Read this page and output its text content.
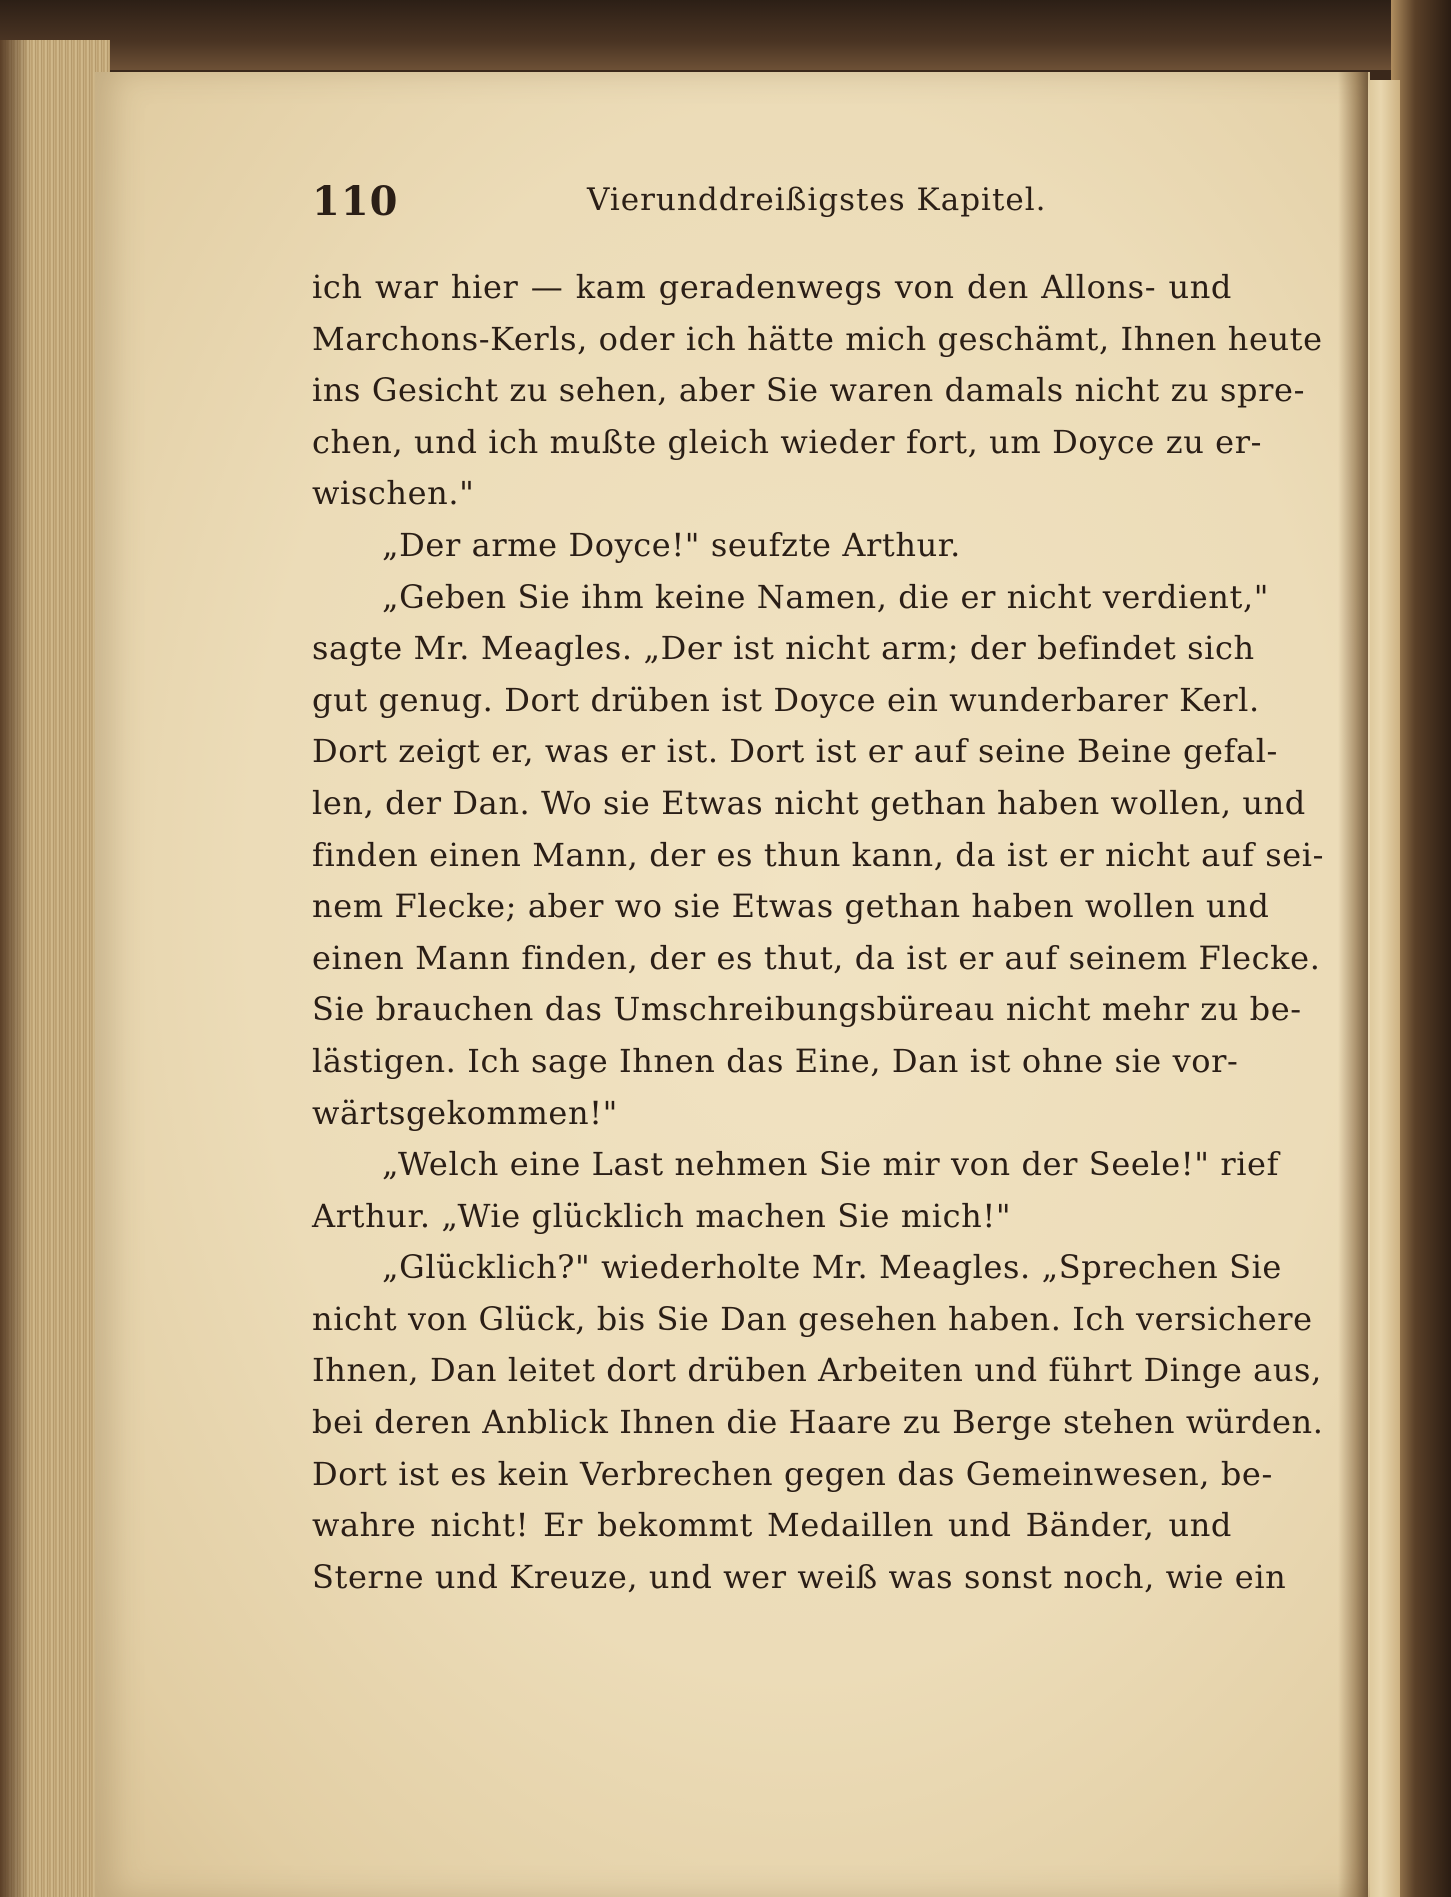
110	Vierunddreißigstes Kapitel.
ich war hier — kam geradenwegs von den Allons- und
Marchons-Kerls, oder ich hätte mich geschämt, Ihnen heute
ins Gesicht zu sehen, aber Sie waren damals nicht zu spre-
chen, und ich mußte gleich wieder fort, um Doyce zu er-
wischen."
„Der arme Doyce!" seufzte Arthur.
„Geben Sie ihm keine Namen, die er nicht verdient,"
sagte Mr. Meagles. „Der ist nicht arm; der befindet sich
gut genug. Dort drüben ist Doyce ein wunderbarer Kerl.
Dort zeigt er, was er ist. Dort ist er auf seine Beine gefal-
len, der Dan. Wo sie Etwas nicht gethan haben wollen, und
finden einen Mann, der es thun kann, da ist er nicht auf sei-
nem Flecke; aber wo sie Etwas gethan haben wollen und
einen Mann finden, der es thut, da ist er auf seinem Flecke.
Sie brauchen das Umschreibungsbüreau nicht mehr zu be-
lästigen. Ich sage Ihnen das Eine, Dan ist ohne sie vor-
wärtsgekommen!"
„Welch eine Last nehmen Sie mir von der Seele!" rief
Arthur. „Wie glücklich machen Sie mich!"
„Glücklich?" wiederholte Mr. Meagles. „Sprechen Sie
nicht von Glück, bis Sie Dan gesehen haben. Ich versichere
Ihnen, Dan leitet dort drüben Arbeiten und führt Dinge aus,
bei deren Anblick Ihnen die Haare zu Berge stehen würden.
Dort ist es kein Verbrechen gegen das Gemeinwesen, be-
wahre nicht! Er bekommt Medaillen und Bänder, und
Sterne und Kreuze, und wer weiß was sonst noch, wie ein
